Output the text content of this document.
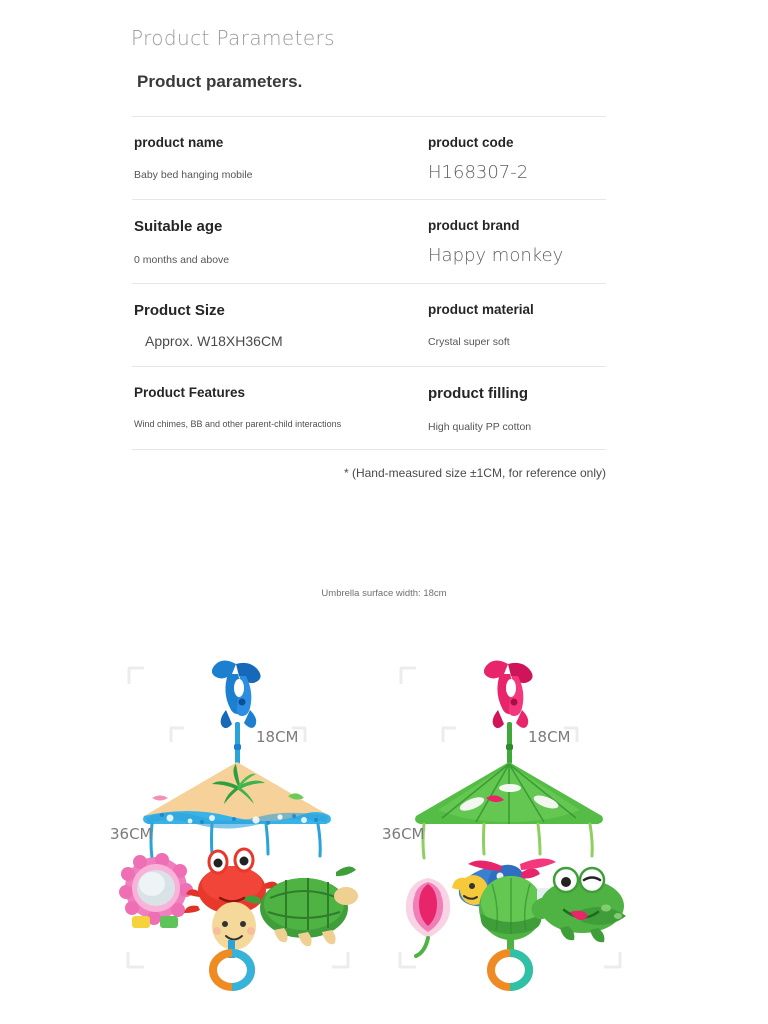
Product Parameters
Product parameters.
product name
Baby bed hanging mobile
product code
H168307-2
Suitable age
0 months and above
product brand
Happy monkey
Product Size
Approx. W18XH36CM
product material
Crystal super soft
Product Features
Wind chimes, BB and other parent-child interactions
product filling
High quality PP cotton
* (Hand-measured size ±1CM, for reference only)
Umbrella surface width: 18cm
18CM
36CM
18CM
36CM
